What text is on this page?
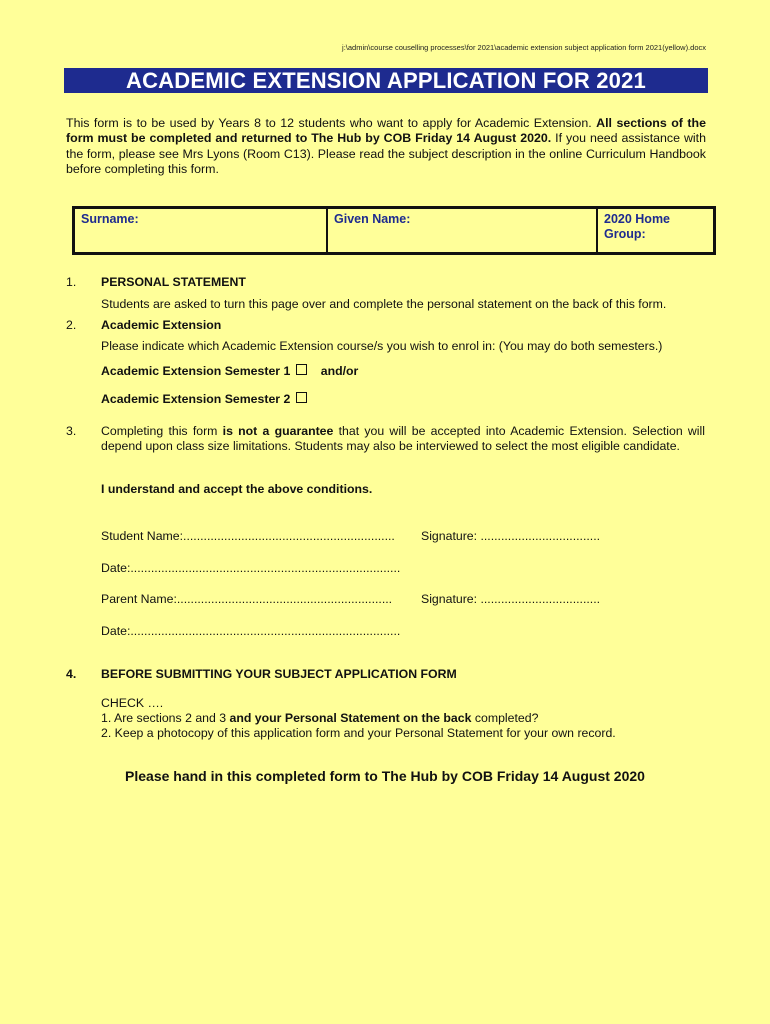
j:\admin\course couselling processes\for 2021\academic extension subject application form 2021(yellow).docx
ACADEMIC EXTENSION APPLICATION FOR 2021
This form is to be used by Years 8 to 12 students who want to apply for Academic Extension. All sections of the form must be completed and returned to The Hub by COB Friday 14 August 2020. If you need assistance with the form, please see Mrs Lyons (Room C13). Please read the subject description in the online Curriculum Handbook before completing this form.
Surname:	Given Name:	2020 Home Group:
1. PERSONAL STATEMENT
Students are asked to turn this page over and complete the personal statement on the back of this form.
2. Academic Extension
Please indicate which Academic Extension course/s you wish to enrol in: (You may do both semesters.)
Academic Extension Semester 1 and/or
Academic Extension Semester 2
3. Completing this form is not a guarantee that you will be accepted into Academic Extension. Selection will depend upon class size limitations. Students may also be interviewed to select the most eligible candidate.
I understand and accept the above conditions.
Student Name:.............................................................. Signature: ...................................
Date:...............................................................................
Parent Name:............................................................... Signature: ...................................
Date:...............................................................................
4. BEFORE SUBMITTING YOUR SUBJECT APPLICATION FORM
CHECK ….
1. Are sections 2 and 3 and your Personal Statement on the back completed?
2. Keep a photocopy of this application form and your Personal Statement for your own record.
Please hand in this completed form to The Hub by COB Friday 14 August 2020
